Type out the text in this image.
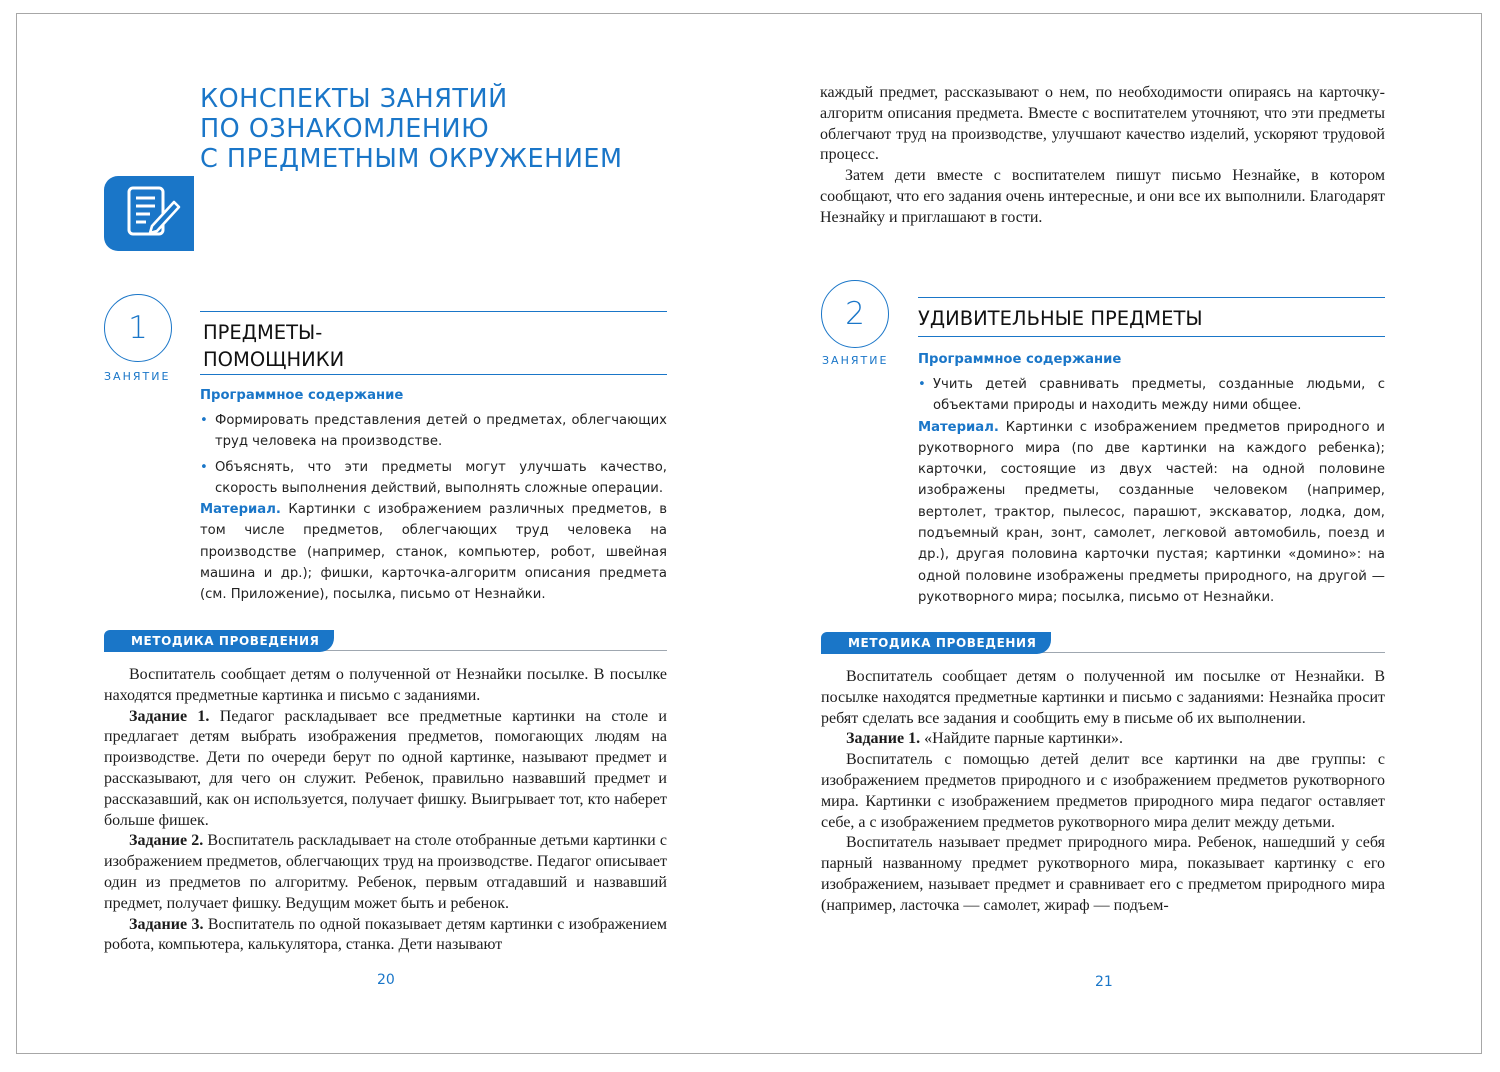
КОНСПЕКТЫ ЗАНЯТИЙ
ПО ОЗНАКОМЛЕНИЮ
С ПРЕДМЕТНЫМ ОКРУЖЕНИЕМ
1
ЗАНЯТИЕ
ПРЕДМЕТЫ-
ПОМОЩНИКИ
Программное содержание
• Формировать представления детей о предметах, облегчающих труд человека на производстве.
• Объяснять, что эти предметы могут улучшать качество, скорость выполнения действий, выполнять сложные операции.

Материал. Картинки с изображением различных предметов, в том числе предметов, облегчающих труд человека на производстве (например, станок, компьютер, робот, швейная машина и др.); фишки, карточка-алгоритм описания предмета (см. Приложение), посылка, письмо от Незнайки.

МЕТОДИКА ПРОВЕДЕНИЯ

Воспитатель сообщает детям о полученной от Незнайки посылке. В посылке находятся предметные картинка и письмо с заданиями.

Задание 1. Педагог раскладывает все предметные картинки на столе и предлагает детям выбрать изображения предметов, помогающих людям на производстве. Дети по очереди берут по одной картинке, называют предмет и рассказывают, для чего он служит. Ребенок, правильно назвавший предмет и рассказавший, как он используется, получает фишку. Выигрывает тот, кто наберет больше фишек.

Задание 2. Воспитатель раскладывает на столе отобранные детьми картинки с изображением предметов, облегчающих труд на производстве. Педагог описывает один из предметов по алгоритму. Ребенок, первым отгадавший и назвавший предмет, получает фишку. Ведущим может быть и ребенок.

Задание 3. Воспитатель по одной показывает детям картинки с изображением робота, компьютера, калькулятора, станка. Дети называют

20

каждый предмет, рассказывают о нем, по необходимости опираясь на карточку-алгоритм описания предмета. Вместе с воспитателем уточняют, что эти предметы облегчают труд на производстве, улучшают качество изделий, ускоряют трудовой процесс.

Затем дети вместе с воспитателем пишут письмо Незнайке, в котором сообщают, что его задания очень интересные, и они все их выполнили. Благодарят Незнайку и приглашают в гости.

2
ЗАНЯТИЕ
УДИВИТЕЛЬНЫЕ ПРЕДМЕТЫ
Программное содержание
• Учить детей сравнивать предметы, созданные людьми, с объектами природы и находить между ними общее.

Материал. Картинки с изображением предметов природного и рукотворного мира (по две картинки на каждого ребенка); карточки, состоящие из двух частей: на одной половине изображены предметы, созданные человеком (например, вертолет, трактор, пылесос, парашют, экскаватор, лодка, дом, подъемный кран, зонт, самолет, легковой автомобиль, поезд и др.), другая половина карточки пустая; картинки «домино»: на одной половине изображены предметы природного, на другой — рукотворного мира; посылка, письмо от Незнайки.

МЕТОДИКА ПРОВЕДЕНИЯ

Воспитатель сообщает детям о полученной им посылке от Незнайки. В посылке находятся предметные картинки и письмо с заданиями: Незнайка просит ребят сделать все задания и сообщить ему в письме об их выполнении.

Задание 1. «Найдите парные картинки».

Воспитатель с помощью детей делит все картинки на две группы: с изображением предметов природного и с изображением предметов рукотворного мира. Картинки с изображением предметов природного мира педагог оставляет себе, а с изображением предметов рукотворного мира делит между детьми.

Воспитатель называет предмет природного мира. Ребенок, нашедший у себя парный названному предмет рукотворного мира, показывает картинку с его изображением, называет предмет и сравнивает его с предметом природного мира (например, ласточка — самолет, жираф — подъем-

21
